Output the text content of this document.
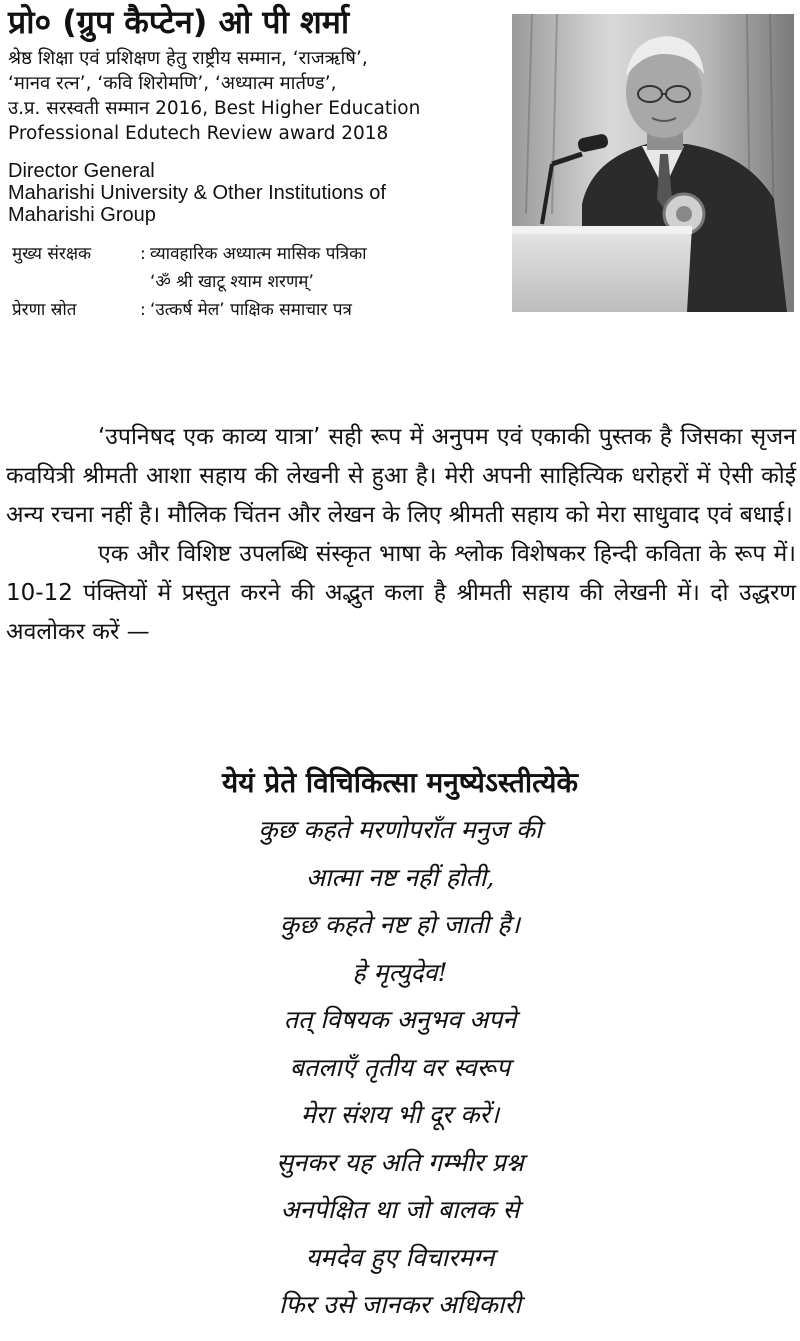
प्रो० (ग्रुप कैप्टेन) ओ पी शर्मा
श्रेष्ठ शिक्षा एवं प्रशिक्षण हेतु राष्ट्रीय सम्मान, ‘राजऋषि’,
‘मानव रत्न’, ‘कवि शिरोमणि’, ‘अध्यात्म मार्तण्ड’,
उ.प्र. सरस्वती सम्मान 2016, Best Higher Education
Professional Edutech Review award 2018
Director General
Maharishi University & Other Institutions of
Maharishi Group
मुख्य संरक्षक	: व्यावहारिक अध्यात्म मासिक पत्रिका
‘ॐ श्री खाटू श्याम शरणम्’
प्रेरणा स्रोत	: ‘उत्कर्ष मेल’ पाक्षिक समाचार पत्र

‘उपनिषद एक काव्य यात्रा’ सही रूप में अनुपम एवं एकाकी पुस्तक है जिसका सृजन कवयित्री श्रीमती आशा सहाय की लेखनी से हुआ है। मेरी अपनी साहित्यिक धरोहरों में ऐसी कोई अन्य रचना नहीं है। मौलिक चिंतन और लेखन के लिए श्रीमती सहाय को मेरा साधुवाद एवं बधाई।

एक और विशिष्ट उपलब्धि संस्कृत भाषा के श्लोक विशेषकर हिन्दी कविता के रूप में। 10-12 पंक्तियों में प्रस्तुत करने की अद्भुत कला है श्रीमती सहाय की लेखनी में। दो उद्धरण अवलोकर करें —

येयं प्रेते विचिकित्सा मनुष्येऽस्तीत्येके
कुछ कहते मरणोपराँत मनुज की
आत्मा नष्ट नहीं होती,
कुछ कहते नष्ट हो जाती है।
हे मृत्युदेव!
तत् विषयक अनुभव अपने
बतलाएँ तृतीय वर स्वरूप
मेरा संशय भी दूर करें।
सुनकर यह अति गम्भीर प्रश्न
अनपेक्षित था जो बालक से
यमदेव हुए विचारमग्न
फिर उसे जानकर अधिकारी
